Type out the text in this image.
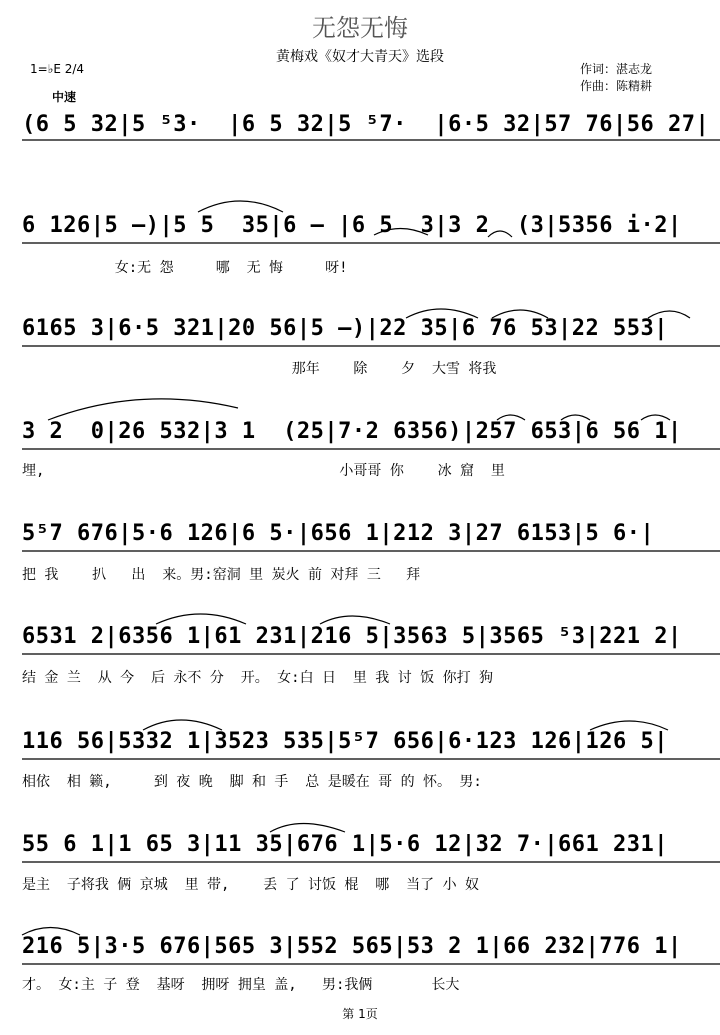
无怨无悔
黄梅戏《奴才大青天》选段
作词：湛志龙
作曲：陈精耕
1=♭E 2/4
中速
(6 5 32|5 ⁵3·  |6 5 32|5 ⁵7·  |6·5 32|57 76|56 27|
6 126|5 –)|5 5  35|6 – |6 5  3|3 2  (3|5356 i·2|
女:无 怨     哪  无 悔     呀!
6165 3|6·5 321|20 56|5 –)|22 35|6 76 53|22 553|
那年    除    夕  大雪 将我
3 2  0|26 532|3 1  (25|7·2 6356)|257 653|6 56 1|
埋,                                   小哥哥 你    冰 窟  里
5⁵7 676|5·6 126|6 5·|656 1|212 3|27 6153|5 6·|
把 我    扒   出  来。男:窑洞 里 炭火 前 对拜 三   拜
6531 2|6356 1|61 231|216 5|3563 5|3565 ⁵3|221 2|
结 金 兰  从 今  后 永不 分  开。 女:白 日  里 我 讨 饭 你打 狗
116 56|5332 1|3523 535|5⁵7 656|6·123 126|126 5|
相依  相 籁,     到 夜 晚  脚 和 手  总 是暖在 哥 的 怀。 男:
55 6 1|1 65 3|11 35|676 1|5·6 12|32 7·|661 231|
是主  子将我 俩 京城  里 带,    丢 了 讨饭 棍  哪  当了 小 奴
216 5|3·5 676|565 3|552 565|53 2 1|66 232|776 1|
才。 女:主 子 登  基呀  拥呀 拥皇 盖,   男:我俩       长大
第 1页
